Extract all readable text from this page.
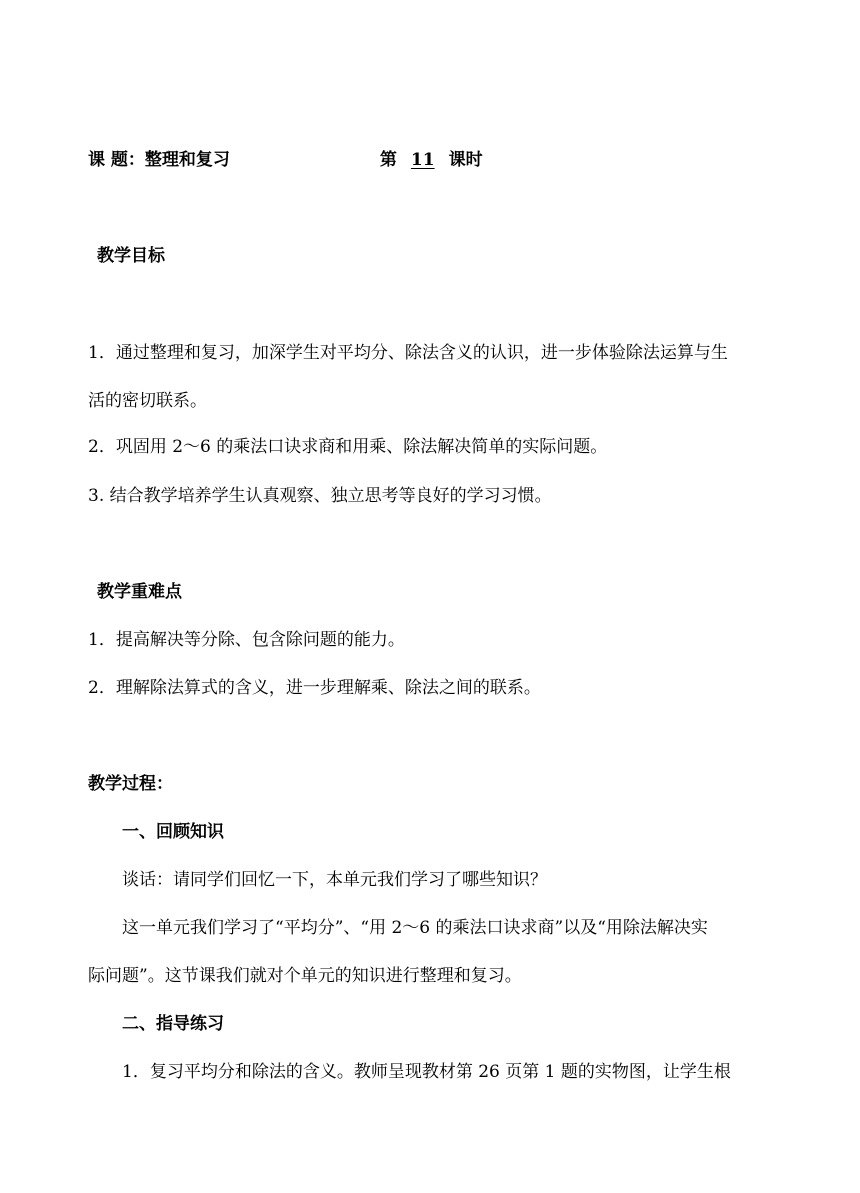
课 题：整理和复习	第 11 课时
教学目标
1．通过整理和复习，加深学生对平均分、除法含义的认识，进一步体验除法运算与生
活的密切联系。
2．巩固用 2～6 的乘法口诀求商和用乘、除法解决简单的实际问题。
3. 结合教学培养学生认真观察、独立思考等良好的学习习惯。
教学重难点
1．提高解决等分除、包含除问题的能力。
2．理解除法算式的含义，进一步理解乘、除法之间的联系。
教学过程：
一、回顾知识
谈话：请同学们回忆一下，本单元我们学习了哪些知识？
这一单元我们学习了“平均分”、“用 2～6 的乘法口诀求商”以及“用除法解决实
际问题”。这节课我们就对个单元的知识进行整理和复习。
二、指导练习
1．复习平均分和除法的含义。教师呈现教材第 26 页第 1 题的实物图，让学生根
